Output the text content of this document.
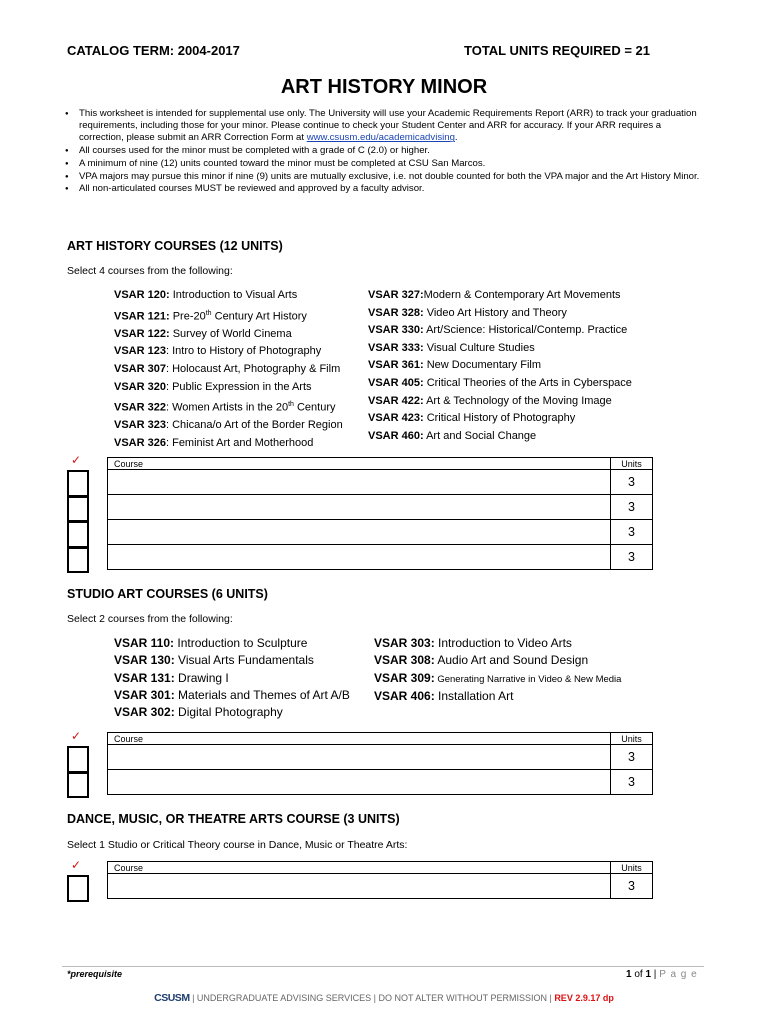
CATALOG TERM: 2004-2017	TOTAL UNITS REQUIRED = 21
ART HISTORY MINOR
● This worksheet is intended for supplemental use only. The University will use your Academic Requirements Report (ARR) to track your graduation requirements, including those for your minor. Please continue to check your Student Center and ARR for accuracy. If your ARR requires a correction, please submit an ARR Correction Form at www.csusm.edu/academicadvising.
● All courses used for the minor must be completed with a grade of C (2.0) or higher.
● A minimum of nine (12) units counted toward the minor must be completed at CSU San Marcos.
● VPA majors may pursue this minor if nine (9) units are mutually exclusive, i.e. not double counted for both the VPA major and the Art History Minor.
● All non-articulated courses MUST be reviewed and approved by a faculty advisor.
ART HISTORY COURSES (12 UNITS)
Select 4 courses from the following:
VSAR 120: Introduction to Visual Arts
VSAR 121: Pre-20th Century Art History
VSAR 122: Survey of World Cinema
VSAR 123: Intro to History of Photography
VSAR 307: Holocaust Art, Photography & Film
VSAR 320: Public Expression in the Arts
VSAR 322: Women Artists in the 20th Century
VSAR 323: Chicana/o Art of the Border Region
VSAR 326: Feminist Art and Motherhood
VSAR 327:Modern & Contemporary Art Movements
VSAR 328: Video Art History and Theory
VSAR 330: Art/Science: Historical/Contemp. Practice
VSAR 333: Visual Culture Studies
VSAR 361: New Documentary Film
VSAR 405: Critical Theories of the Arts in Cyberspace
VSAR 422: Art & Technology of the Moving Image
VSAR 423: Critical History of Photography
VSAR 460: Art and Social Change
✓	Course	Units
	3
	3
	3
	3
STUDIO ART COURSES (6 UNITS)
Select 2 courses from the following:
VSAR 110: Introduction to Sculpture
VSAR 130: Visual Arts Fundamentals
VSAR 131: Drawing I
VSAR 301: Materials and Themes of Art A/B
VSAR 302: Digital Photography
VSAR 303: Introduction to Video Arts
VSAR 308: Audio Art and Sound Design
VSAR 309: Generating Narrative in Video & New Media
VSAR 406: Installation Art
✓	Course	Units
	3
	3
DANCE, MUSIC, OR THEATRE ARTS COURSE (3 UNITS)
Select 1 Studio or Critical Theory course in Dance, Music or Theatre Arts:
✓	Course	Units
	3
*prerequisite	1 of 1 | P a g e
CSUSM | UNDERGRADUATE ADVISING SERVICES | DO NOT ALTER WITHOUT PERMISSION | REV 2.9.17 dp
